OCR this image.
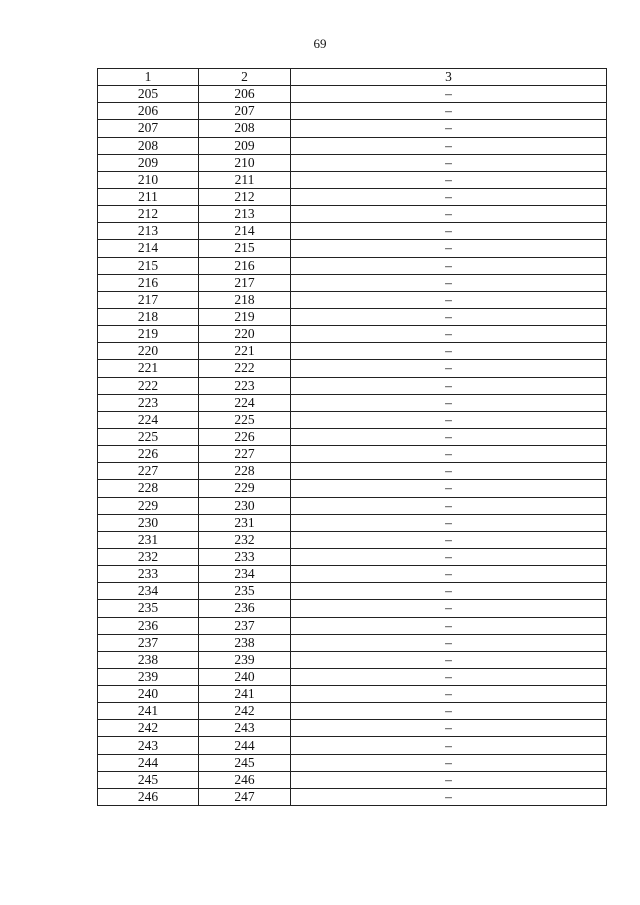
69
1	2	3
205	206	–
206	207	–
207	208	–
208	209	–
209	210	–
210	211	–
211	212	–
212	213	–
213	214	–
214	215	–
215	216	–
216	217	–
217	218	–
218	219	–
219	220	–
220	221	–
221	222	–
222	223	–
223	224	–
224	225	–
225	226	–
226	227	–
227	228	–
228	229	–
229	230	–
230	231	–
231	232	–
232	233	–
233	234	–
234	235	–
235	236	–
236	237	–
237	238	–
238	239	–
239	240	–
240	241	–
241	242	–
242	243	–
243	244	–
244	245	–
245	246	–
246	247	–
